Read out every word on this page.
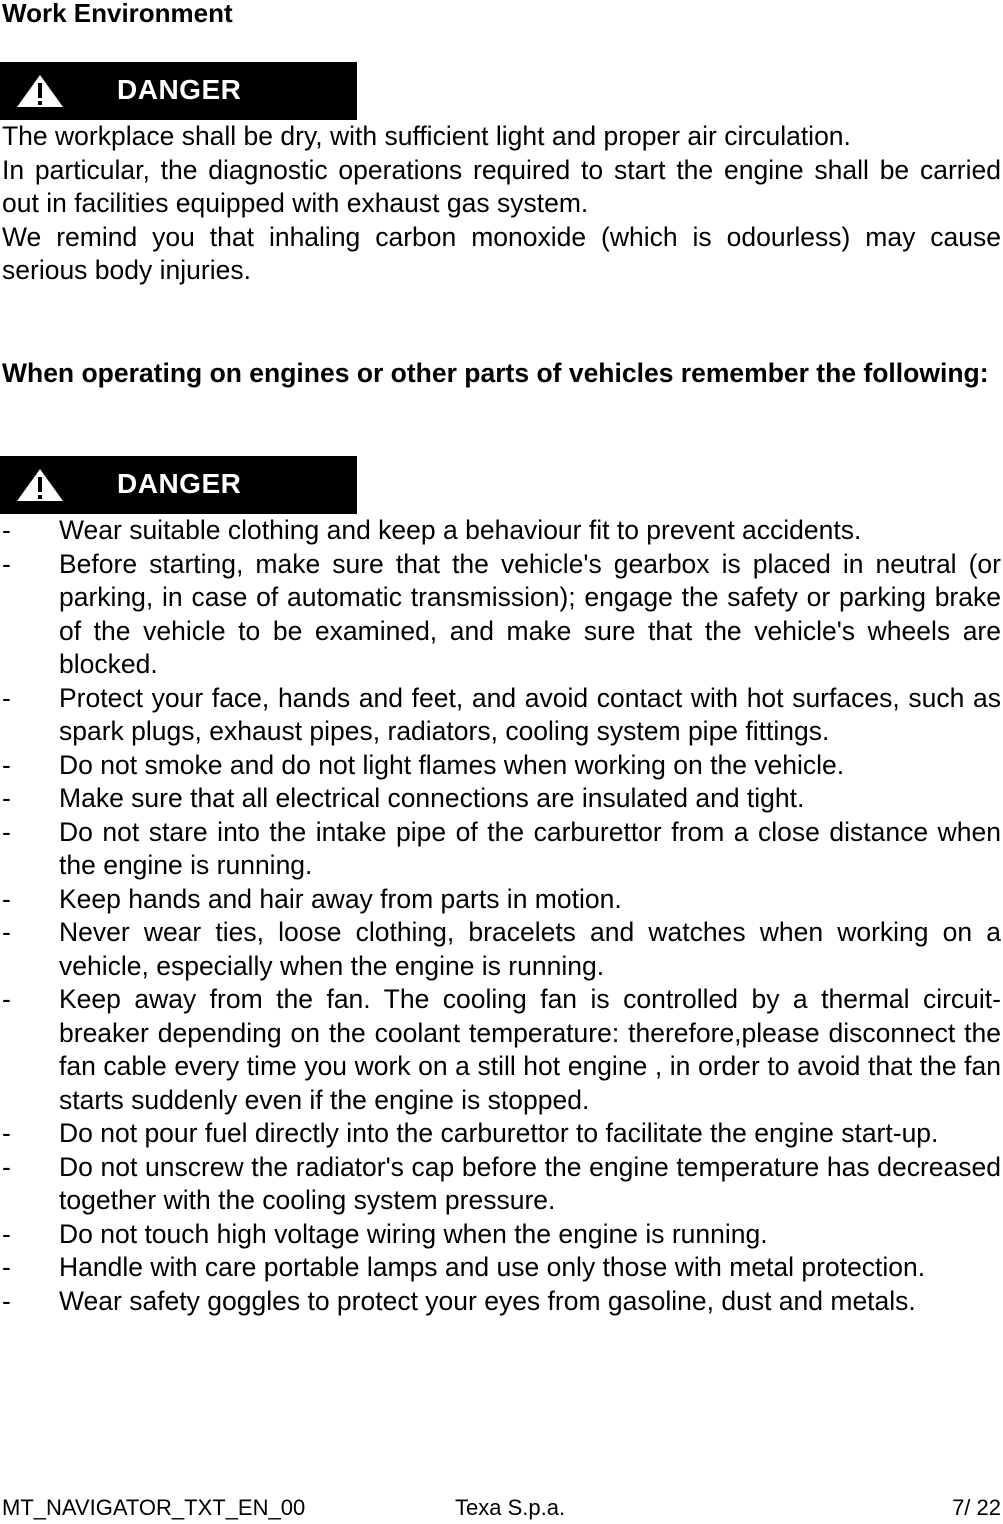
Work Environment
DANGER
The workplace shall be dry, with sufficient light and proper air circulation.
In particular, the diagnostic operations required to start the engine shall be carried out in facilities equipped with exhaust gas system.
We remind you that inhaling carbon monoxide (which is odourless) may cause serious body injuries.

When operating on engines or other parts of vehicles remember the following:

DANGER
- Wear suitable clothing and keep a behaviour fit to prevent accidents.
- Before starting, make sure that the vehicle's gearbox is placed in neutral (or parking, in case of automatic transmission); engage the safety or parking brake of the vehicle to be examined, and make sure that the vehicle's wheels are blocked.
- Protect your face, hands and feet, and avoid contact with hot surfaces, such as spark plugs, exhaust pipes, radiators, cooling system pipe fittings.
- Do not smoke and do not light flames when working on the vehicle.
- Make sure that all electrical connections are insulated and tight.
- Do not stare into the intake pipe of the carburettor from a close distance when the engine is running.
- Keep hands and hair away from parts in motion.
- Never wear ties, loose clothing, bracelets and watches when working on a vehicle, especially when the engine is running.
- Keep away from the fan. The cooling fan is controlled by a thermal circuit-breaker depending on the coolant temperature: therefore,please disconnect the fan cable every time you work on a still hot engine , in order to avoid that the fan starts suddenly even if the engine is stopped.
- Do not pour fuel directly into the carburettor to facilitate the engine start-up.
- Do not unscrew the radiator's cap before the engine temperature has decreased together with the cooling system pressure.
- Do not touch high voltage wiring when the engine is running.
- Handle with care portable lamps and use only those with metal protection.
- Wear safety goggles to protect your eyes from gasoline, dust and metals.
MT_NAVIGATOR_TXT_EN_00	Texa S.p.a.	7/ 22
